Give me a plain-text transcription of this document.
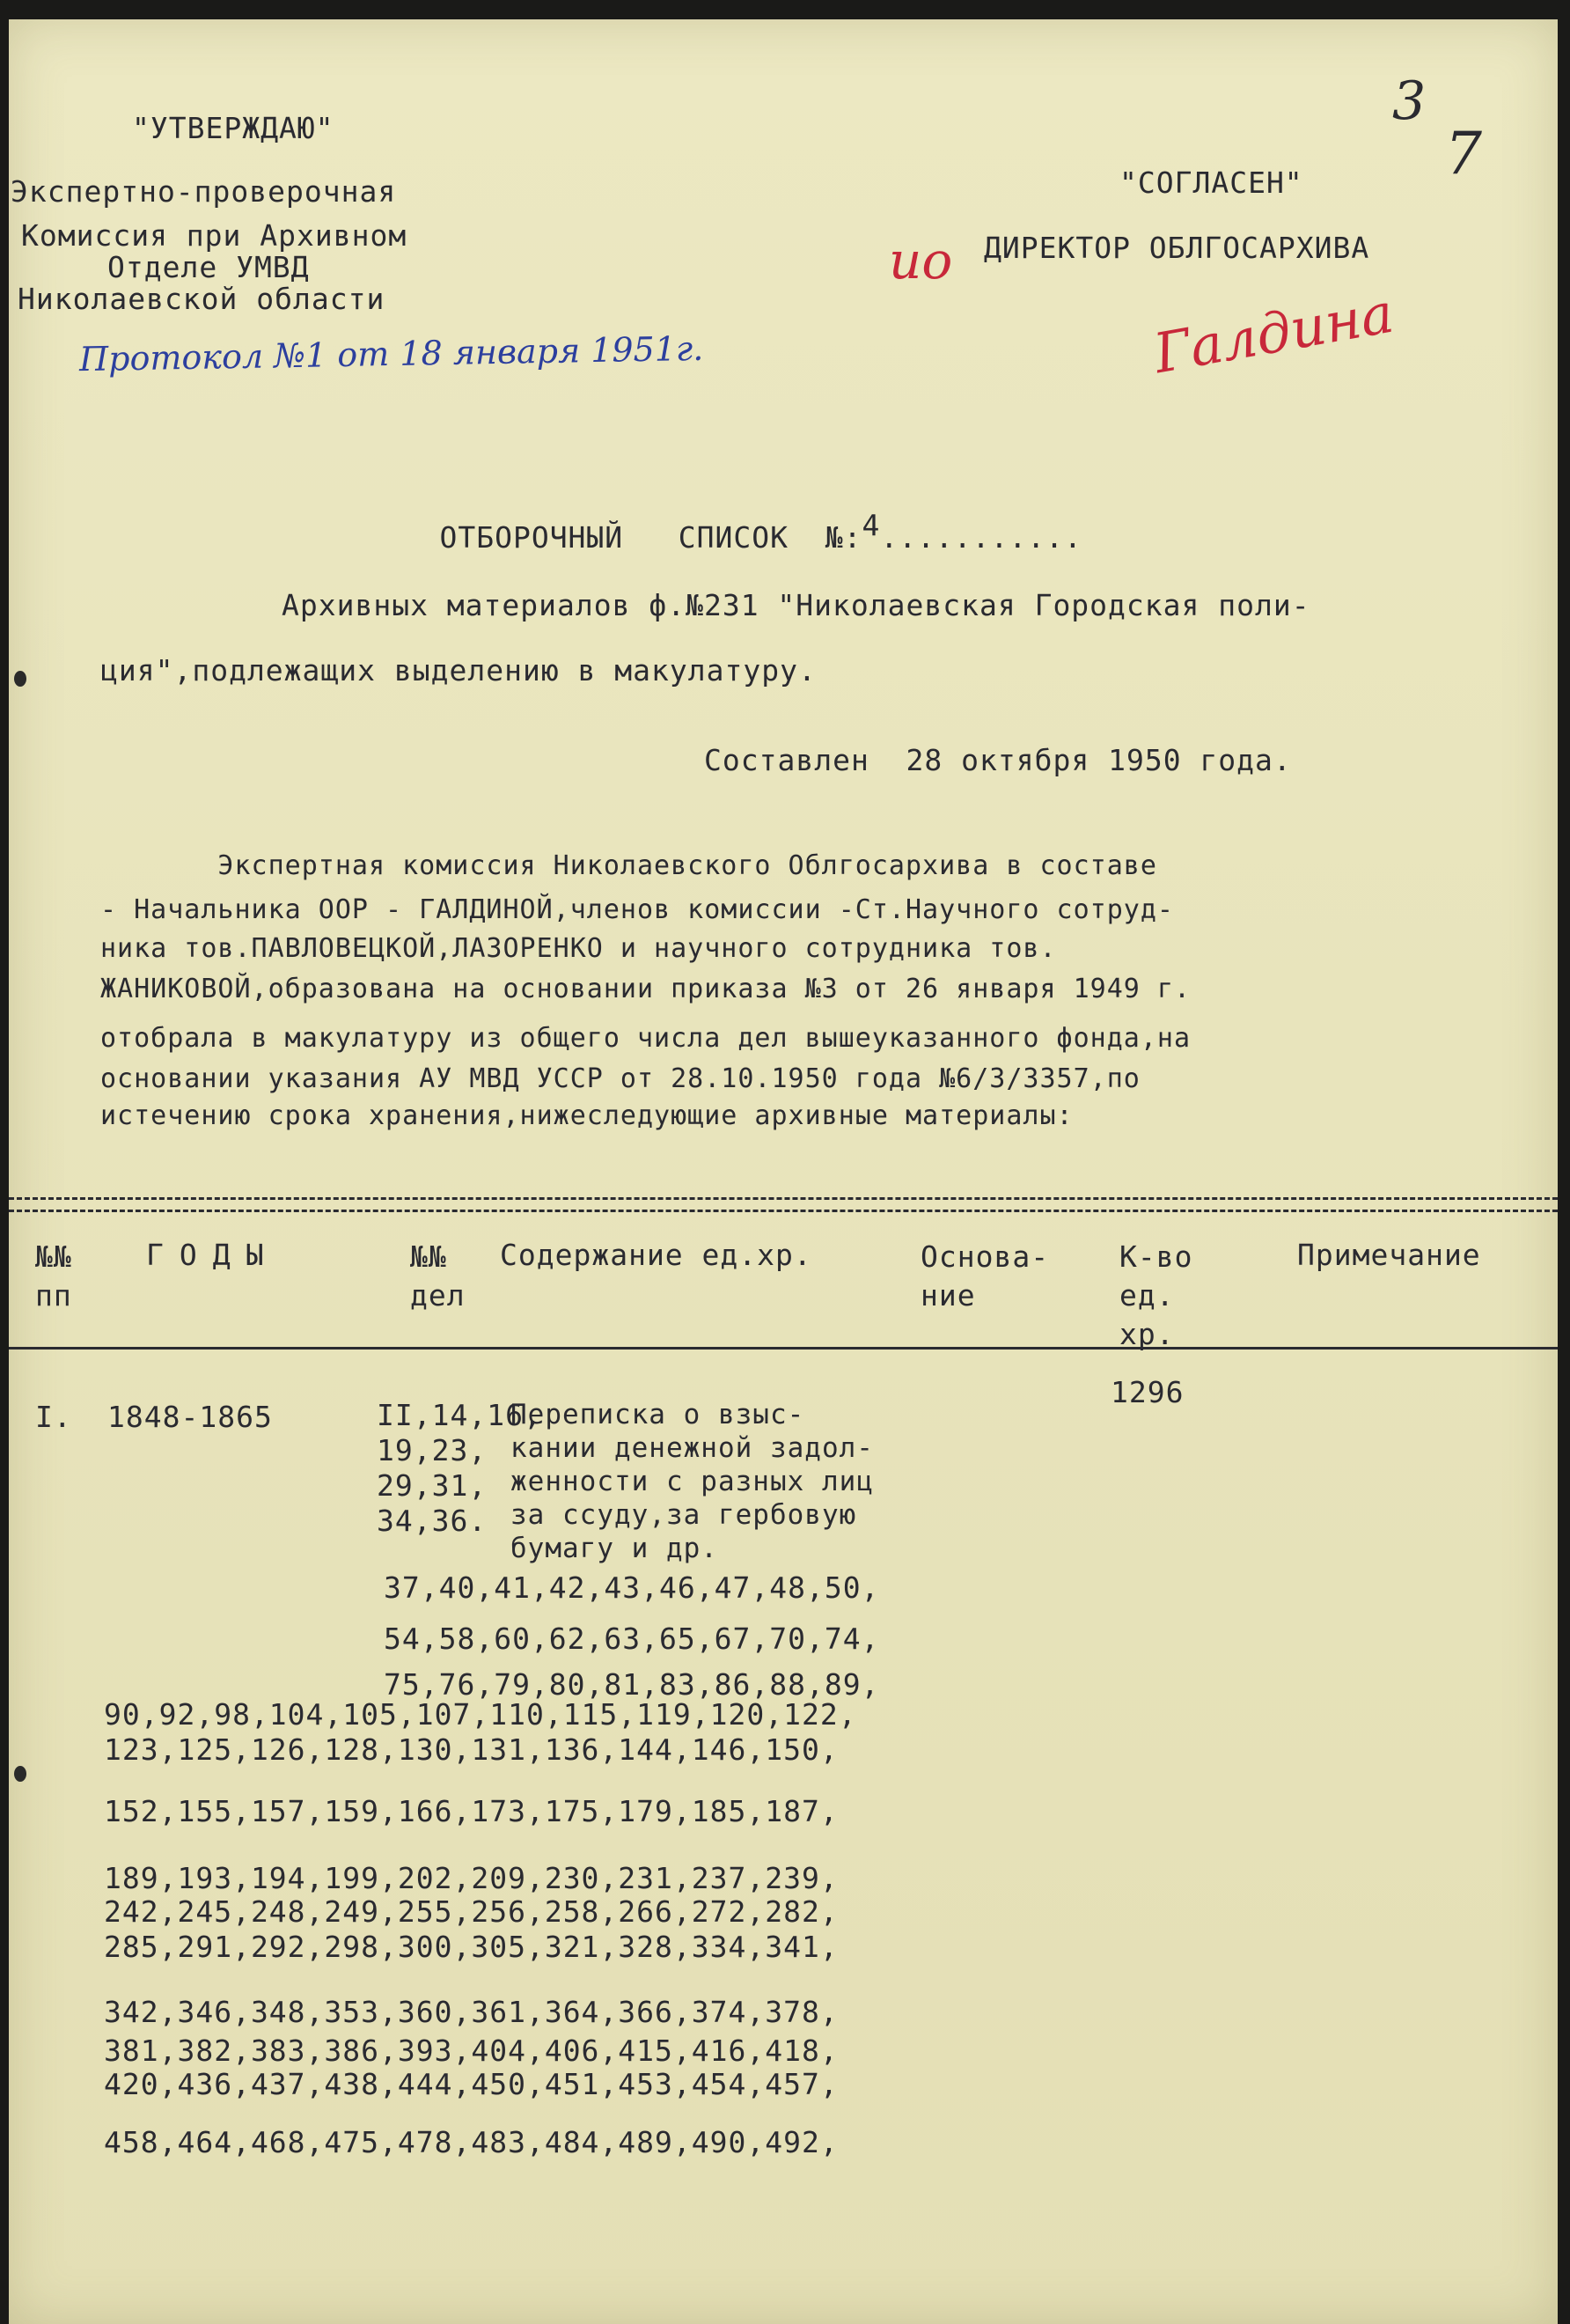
"УТВЕРЖДАЮ"
Экспертно-проверочная
Комиссия при Архивном
Отделе УМВД
Николаевской области
Протокол №1 от 18 января 1951г.
"СОГЛАСЕН"
ио ДИРЕКТОР ОБЛГОСАРХИВА
Галдина
3
7

ОТБОРОЧНЫЙ   СПИСОК  №:4...........

Архивных материалов ф.№231 "Николаевская Городская поли-
ция",подлежащих выделению в макулатуру.
Составлен  28 октября 1950 года.
Экспертная комиссия Николаевского Облгосархива в составе
- Начальника ООР - ГАЛДИНОЙ,членов комиссии -Ст.Научного сотруд-
ника тов.ПАВЛОВЕЦКОЙ,ЛАЗОРЕНКО и научного сотрудника тов.
ЖАНИКОВОЙ,образована на основании приказа №3 от 26 января 1949 г.
отобрала в макулатуру из общего числа дел вышеуказанного фонда,на
основании указания АУ МВД УССР от 28.10.1950 года №6/3/3357,по
истечению срока хранения,нижеследующие архивные материалы:
№№
пп
ГОДЫ	№№
дел
Содержание ед.хр.	Основа-
ние
К-во
ед.
хр.
Примечание
I. 1848-1865
1296
II,14,16,
19,23,
29,31,
34,36.
Переписка о взыс-
кании денежной задол-
женности с разных лиц
за ссуду,за гербовую
бумагу и др.
37,40,41,42,43,46,47,48,50,
54,58,60,62,63,65,67,70,74,
75,76,79,80,81,83,86,88,89,
90,92,98,104,105,107,110,115,119,120,122,
123,125,126,128,130,131,136,144,146,150,
152,155,157,159,166,173,175,179,185,187,
189,193,194,199,202,209,230,231,237,239,
242,245,248,249,255,256,258,266,272,282,
285,291,292,298,300,305,321,328,334,341,
342,346,348,353,360,361,364,366,374,378,
381,382,383,386,393,404,406,415,416,418,
420,436,437,438,444,450,451,453,454,457,
458,464,468,475,478,483,484,489,490,492,
